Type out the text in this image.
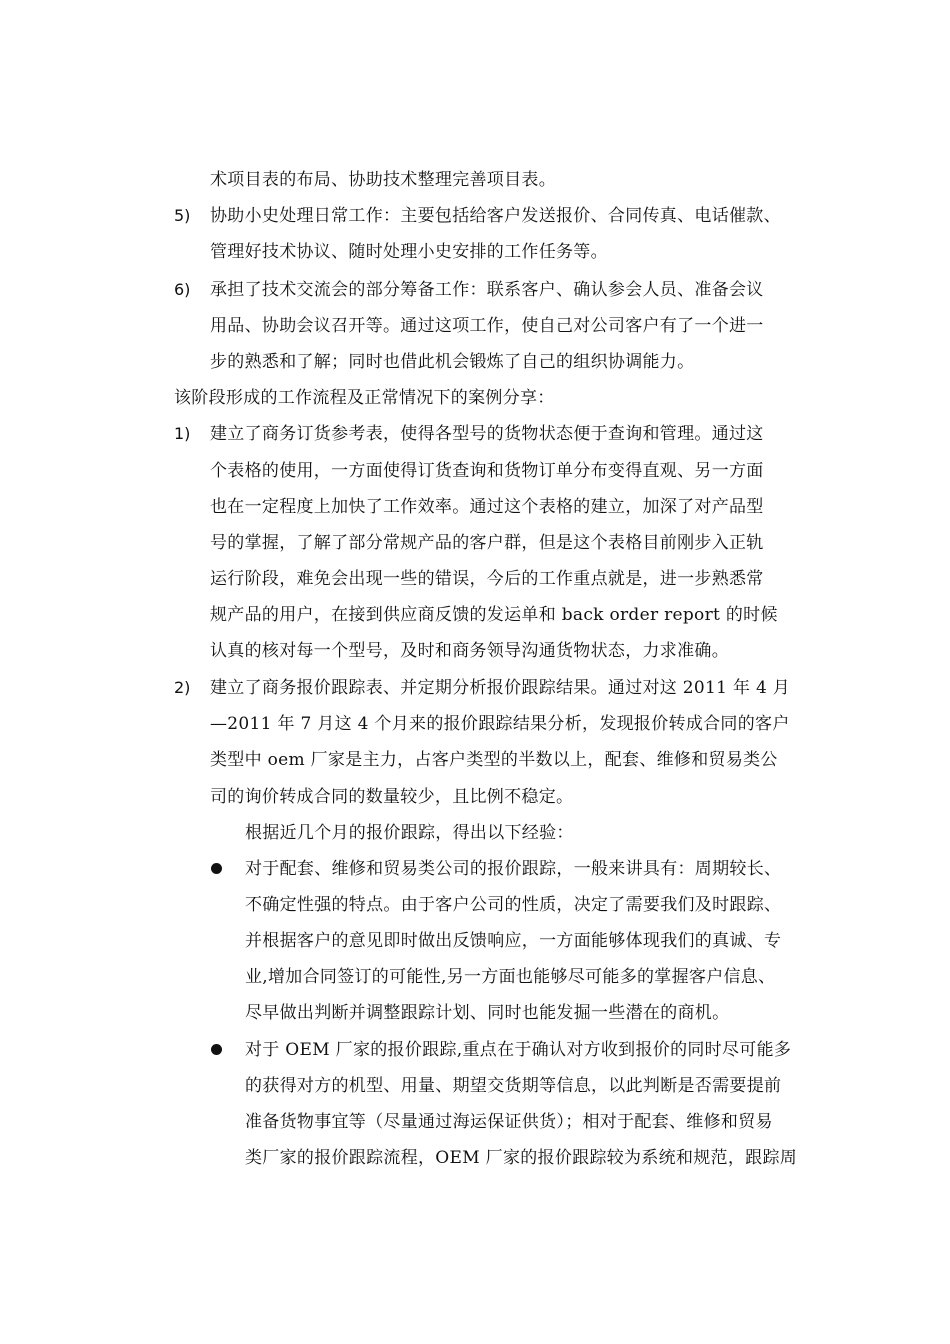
术项目表的布局、协助技术整理完善项目表。
5) 协助小史处理日常工作：主要包括给客户发送报价、合同传真、电话催款、
管理好技术协议、随时处理小史安排的工作任务等。
6) 承担了技术交流会的部分筹备工作：联系客户、确认参会人员、准备会议
用品、协助会议召开等。通过这项工作，使自己对公司客户有了一个进一
步的熟悉和了解；同时也借此机会锻炼了自己的组织协调能力。
该阶段形成的工作流程及正常情况下的案例分享：
1) 建立了商务订货参考表，使得各型号的货物状态便于查询和管理。通过这
个表格的使用，一方面使得订货查询和货物订单分布变得直观、另一方面
也在一定程度上加快了工作效率。通过这个表格的建立，加深了对产品型
号的掌握，了解了部分常规产品的客户群，但是这个表格目前刚步入正轨
运行阶段，难免会出现一些的错误，今后的工作重点就是，进一步熟悉常
规产品的用户，在接到供应商反馈的发运单和 back order report 的时候
认真的核对每一个型号，及时和商务领导沟通货物状态，力求准确。
2) 建立了商务报价跟踪表、并定期分析报价跟踪结果。通过对这 2011 年 4 月
—2011 年 7 月这 4 个月来的报价跟踪结果分析，发现报价转成合同的客户
类型中 oem 厂家是主力，占客户类型的半数以上，配套、维修和贸易类公
司的询价转成合同的数量较少，且比例不稳定。
根据近几个月的报价跟踪，得出以下经验：
对于配套、维修和贸易类公司的报价跟踪，一般来讲具有：周期较长、
不确定性强的特点。由于客户公司的性质，决定了需要我们及时跟踪、
并根据客户的意见即时做出反馈响应，一方面能够体现我们的真诚、专
业,增加合同签订的可能性,另一方面也能够尽可能多的掌握客户信息、
尽早做出判断并调整跟踪计划、同时也能发掘一些潜在的商机。
对于 OEM 厂家的报价跟踪,重点在于确认对方收到报价的同时尽可能多
的获得对方的机型、用量、期望交货期等信息，以此判断是否需要提前
准备货物事宜等（尽量通过海运保证供货）；相对于配套、维修和贸易
类厂家的报价跟踪流程，OEM 厂家的报价跟踪较为系统和规范，跟踪周
